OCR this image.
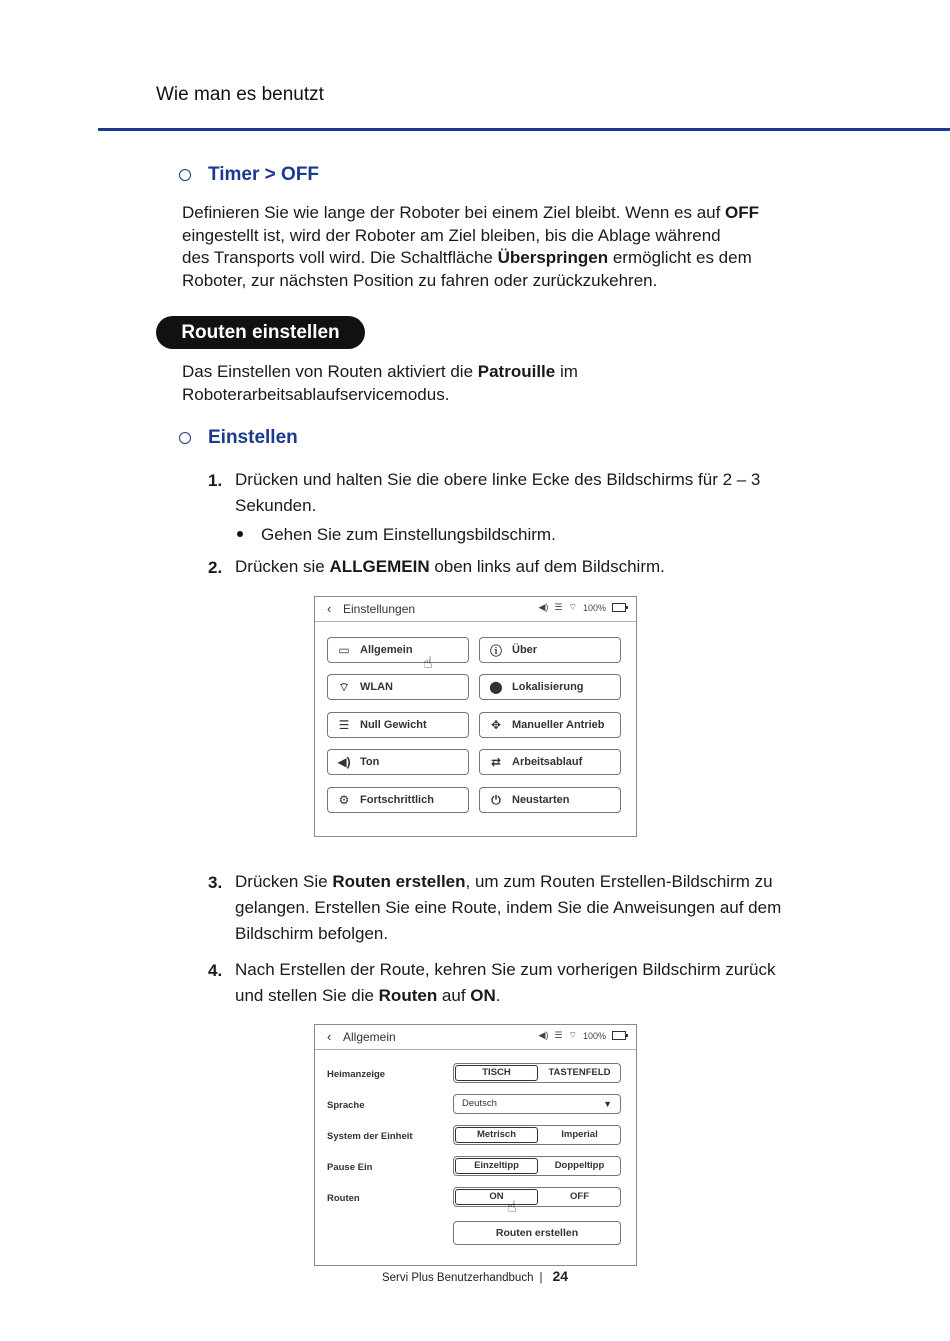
Wie man es benutzt
Timer > OFF
Definieren Sie wie lange der Roboter bei einem Ziel bleibt. Wenn es auf OFF
eingestellt ist, wird der Roboter am Ziel bleiben, bis die Ablage während
des Transports voll wird. Die Schaltfläche Überspringen ermöglicht es dem
Roboter, zur nächsten Position zu fahren oder zurückzukehren.
Routen einstellen
Das Einstellen von Routen aktiviert die Patrouille im
Roboterarbeitsablaufservicemodus.
Einstellen
1. Drücken und halten Sie die obere linke Ecke des Bildschirms für 2 – 3
Sekunden.
Gehen Sie zum Einstellungsbildschirm.
2. Drücken sie ALLGEMEIN oben links auf dem Bildschirm.
‹ Einstellungen	◀) ☰ ⌔ 100%
▭ Allgemein	ⓘ Über
⌔ WLAN	⬤ Lokalisierung
☰ Null Gewicht	✥ Manueller Antrieb
◀) Ton	⇄ Arbeitsablauf
⚙ Fortschrittlich	⏻ Neustarten
☝
3. Drücken Sie Routen erstellen, um zum Routen Erstellen-Bildschirm zu
gelangen. Erstellen Sie eine Route, indem Sie die Anweisungen auf dem
Bildschirm befolgen.
4. Nach Erstellen der Route, kehren Sie zum vorherigen Bildschirm zurück
und stellen Sie die Routen auf ON.
‹ Allgemein	◀) ☰ ⌔ 100%
Heimanzeige	TISCH	TASTENFELD
Sprache	Deutsch	▼
System der Einheit	Metrisch	Imperial
Pause Ein	Einzeltipp	Doppeltipp
Routen	ON	OFF
Routen erstellen
☝
Servi Plus Benutzerhandbuch | 24
